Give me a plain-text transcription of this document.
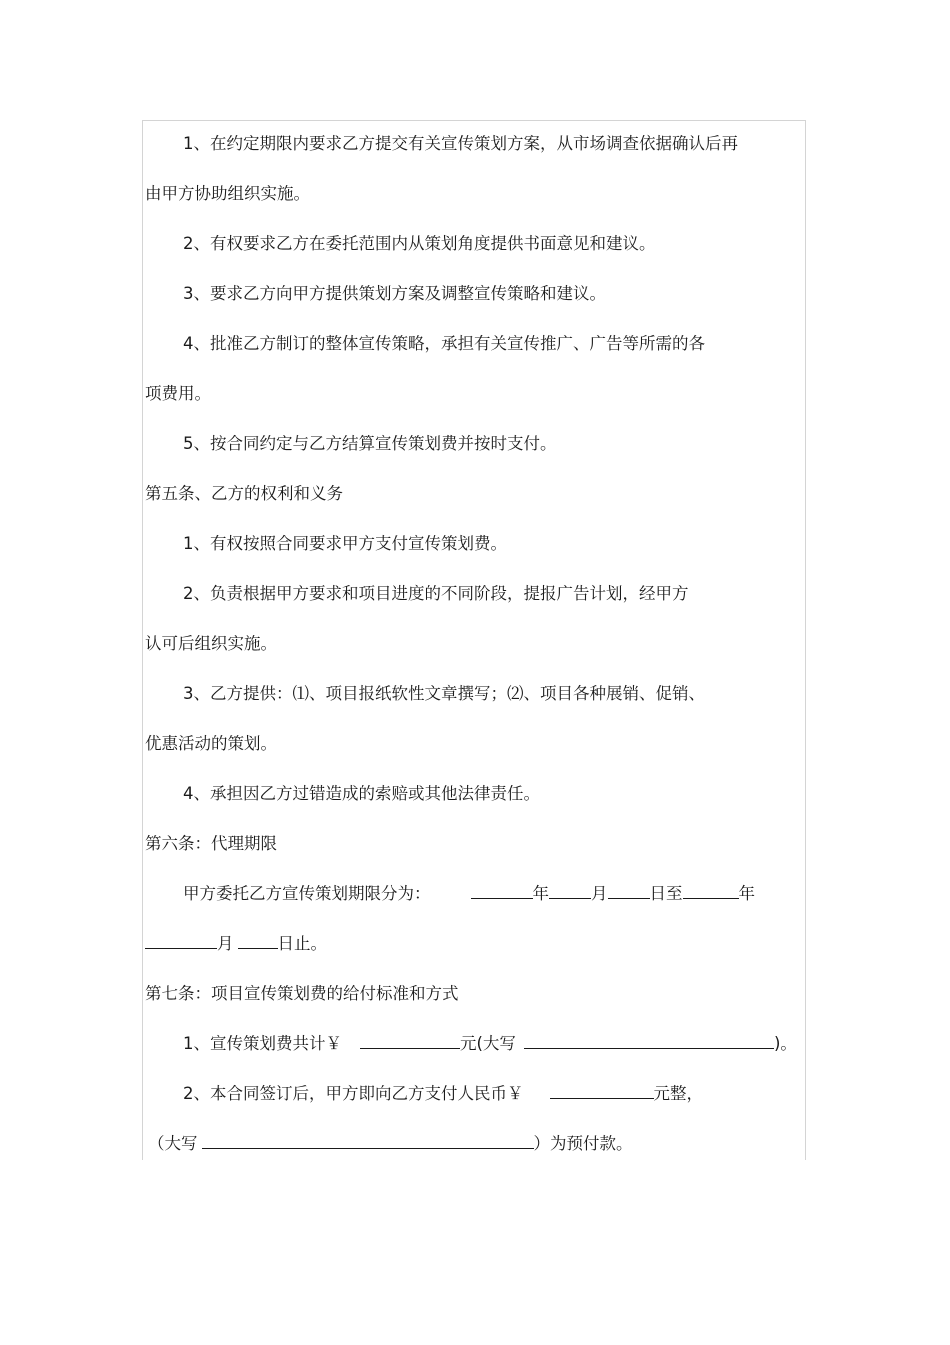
1、在约定期限内要求乙方提交有关宣传策划方案，从市场调查依据确认后再
由甲方协助组织实施。
2、有权要求乙方在委托范围内从策划角度提供书面意见和建议。
3、要求乙方向甲方提供策划方案及调整宣传策略和建议。
4、批准乙方制订的整体宣传策略，承担有关宣传推广、广告等所需的各
项费用。
5、按合同约定与乙方结算宣传策划费并按时支付。
第五条、乙方的权利和义务
1、有权按照合同要求甲方支付宣传策划费。
2、负责根据甲方要求和项目进度的不同阶段，提报广告计划，经甲方
认可后组织实施。
3、乙方提供：⑴、项目报纸软性文章撰写；⑵、项目各种展销、促销、
优惠活动的策划。
4、承担因乙方过错造成的索赔或其他法律责任。
第六条：代理期限
甲方委托乙方宣传策划期限分为：	年	月	日至	年
月	日止。
第七条：项目宣传策划费的给付标准和方式
1、宣传策划费共计￥	元(大写	)。
2、本合同签订后，甲方即向乙方支付人民币￥	元整，
（大写	）为预付款。
